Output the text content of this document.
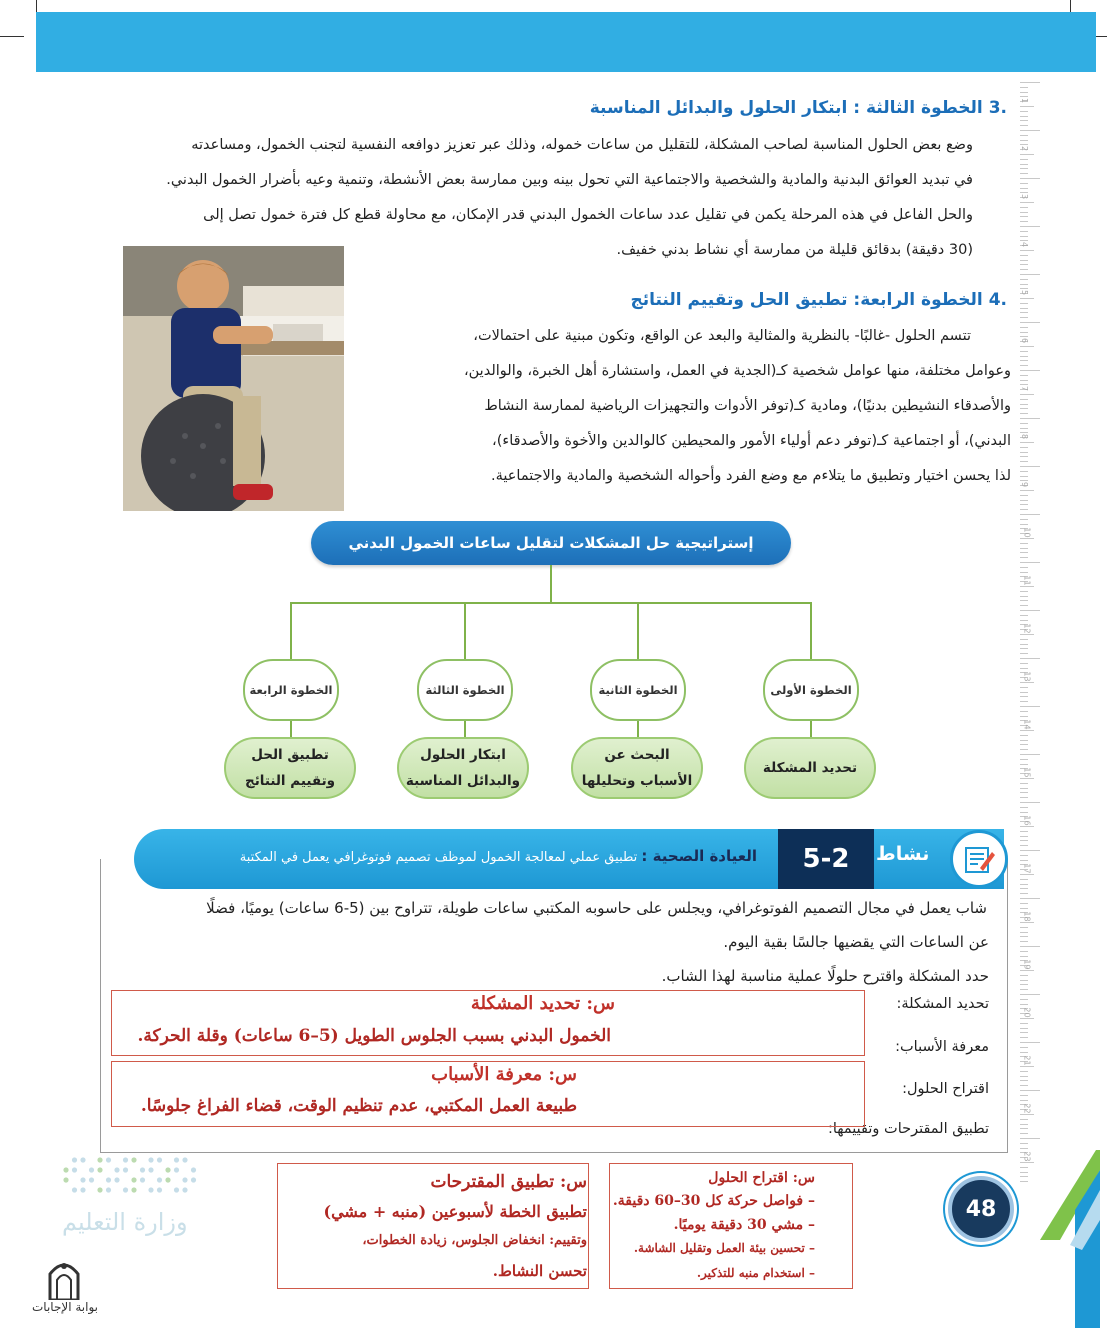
1
2
3
4
5
6
7
8
9
10
11
12
13
14
15
16
17
18
19
20
21
22
23
.3 الخطوة الثالثة : ابتكار الحلول والبدائل المناسبة

وضع بعض الحلول المناسبة لصاحب المشكلة، للتقليل من ساعات خموله، وذلك عبر تعزيز دوافعه النفسية لتجنب الخمول، ومساعدته

في تبديد العوائق البدنية والمادية والشخصية والاجتماعية التي تحول بينه وبين ممارسة بعض الأنشطة، وتنمية وعيه بأضرار الخمول البدني.

والحل الفاعل في هذه المرحلة يكمن في تقليل عدد ساعات الخمول البدني قدر الإمكان، مع محاولة قطع كل فترة خمول تصل إلى

(30 دقيقة) بدقائق قليلة من ممارسة أي نشاط بدني خفيف.

.4 الخطوة الرابعة: تطبيق الحل وتقييم النتائج

تتسم الحلول -غالبًا- بالنظرية والمثالية والبعد عن الواقع، وتكون مبنية على احتمالات،

وعوامل مختلفة، منها عوامل شخصية كـ(الجدية في العمل، واستشارة أهل الخبرة، والوالدين،

والأصدقاء النشيطين بدنيًا)، ومادية كـ(توفر الأدوات والتجهيزات الرياضية لممارسة النشاط

البدني)، أو اجتماعية كـ(توفر دعم أولياء الأمور والمحيطين كالوالدين والأخوة والأصدقاء)،

لذا يحسن اختيار وتطبيق ما يتلاءم مع وضع الفرد وأحواله الشخصية والمادية والاجتماعية.

إستراتيجية حل المشكلات لتقليل ساعات الخمول البدني
الخطوة الأولى
الخطوة الثانية
الخطوة الثالثة
الخطوة الرابعة
تحديد المشكلة
البحث عن
الأسباب وتحليلها
ابتكار الحلول
والبدائل المناسبة
تطبيق الحل
وتقييم النتائج
5-2	نشاط
العيادة الصحية : تطبيق عملي لمعالجة الخمول لموظف تصميم فوتوغرافي يعمل في المكتبة
شاب يعمل في مجال التصميم الفوتوغرافي، ويجلس على حاسوبه المكتبي ساعات طويلة، تتراوح بين (5-6 ساعات) يوميًا، فضلًا
عن الساعات التي يقضيها جالسًا بقية اليوم.
حدد المشكلة واقترح حلولًا عملية مناسبة لهذا الشاب.
تحديد المشكلة:
معرفة الأسباب:
اقتراح الحلول:
تطبيق المقترحات وتقييمها:
س: تحديد المشكلة
الخمول البدني بسبب الجلوس الطويل (5–6 ساعات) وقلة الحركة.
س: معرفة الأسباب
طبيعة العمل المكتبي، عدم تنظيم الوقت، قضاء الفراغ جلوسًا.
وزارة التعليم
س: اقتراح الحلول
– فواصل حركة كل 30–60 دقيقة.
– مشي 30 دقيقة يوميًا.
– تحسين بيئة العمل وتقليل الشاشة.
– استخدام منبه للتذكير.
س: تطبيق المقترحات
تطبيق الخطة لأسبوعين (منبه + مشي)
وتقييم: انخفاض الجلوس، زيادة الخطوات،
تحسن النشاط.
48
بوابة الإجابات
